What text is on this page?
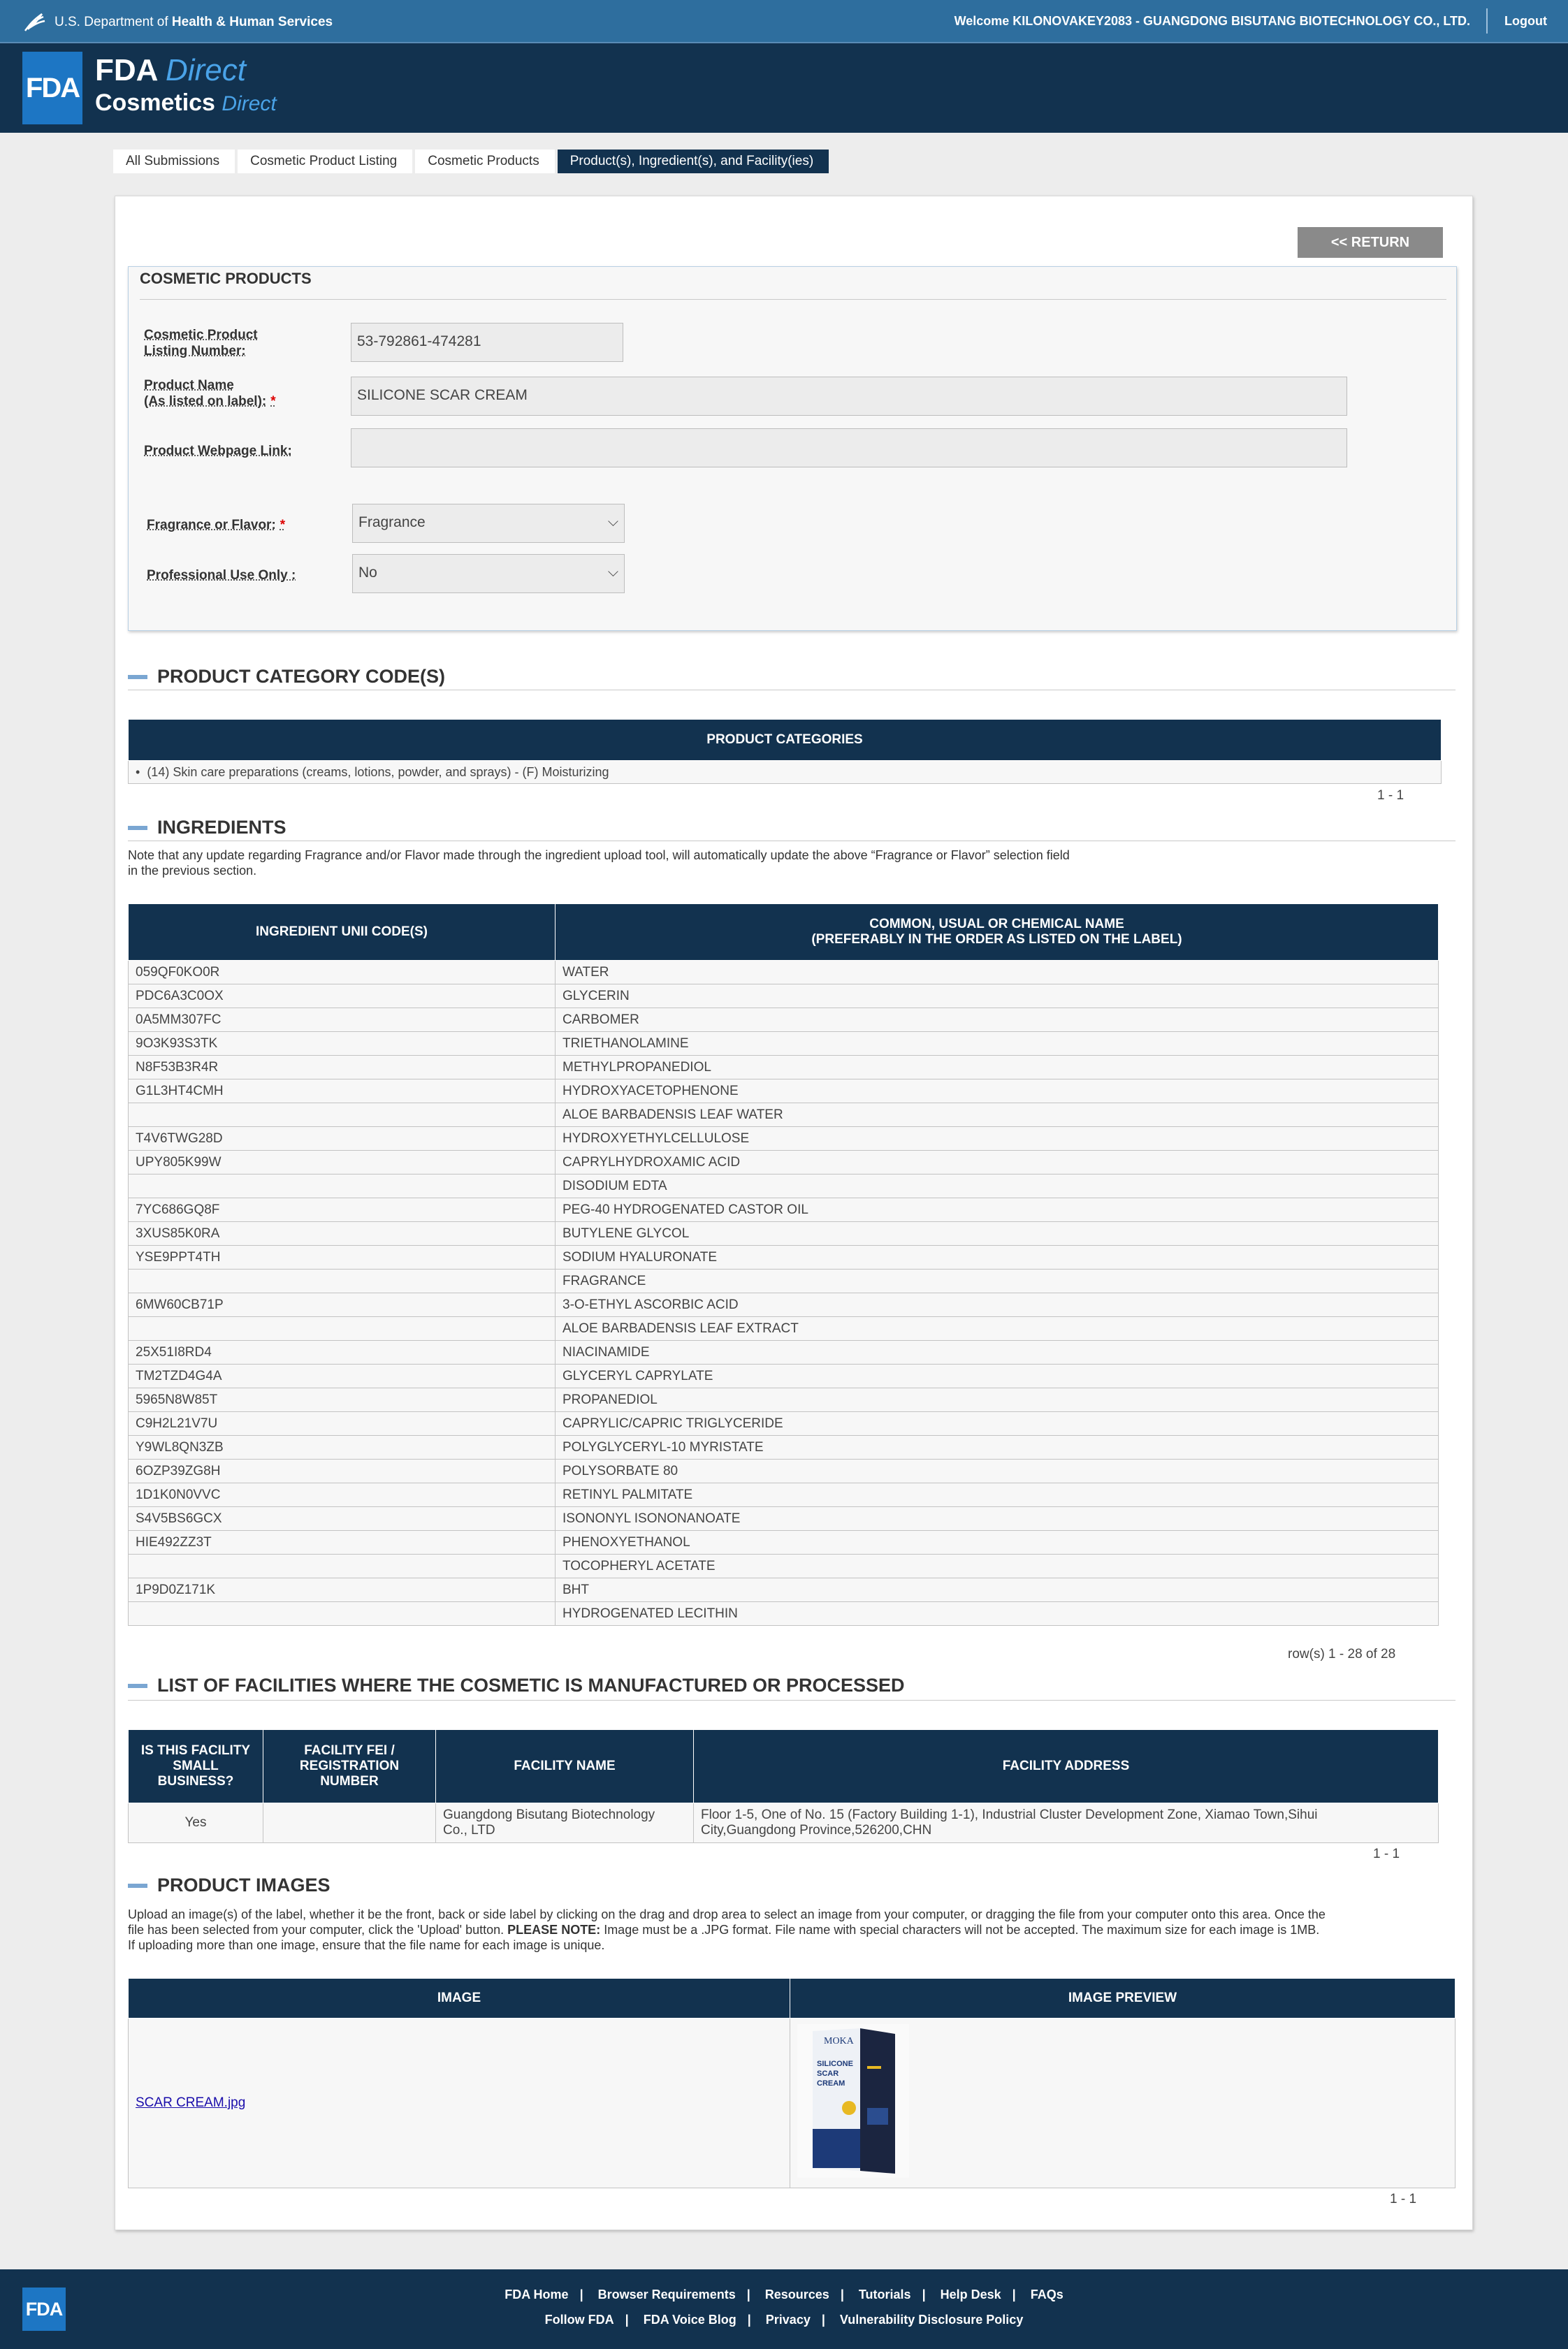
U.S. Department of Health & Human Services	Welcome KILONOVAKEY2083 - GUANGDONG BISUTANG BIOTECHNOLOGY CO., LTD.	Logout
FDA
FDA Direct
Cosmetics Direct
All Submissions	Cosmetic Product Listing	Cosmetic Products	Product(s), Ingredient(s), and Facility(ies)
<< RETURN
COSMETIC PRODUCTS
Cosmetic Product
Listing Number:
53-792861-474281
Product Name
(As listed on label): *	SILICONE SCAR CREAM
Product Webpage Link:
Fragrance or Flavor: *	Fragrance	⌵
Professional Use Only :	No	⌵
PRODUCT CATEGORY CODE(S)
PRODUCT CATEGORIES
•  (14) Skin care preparations (creams, lotions, powder, and sprays) - (F) Moisturizing
1 - 1
INGREDIENTS
Note that any update regarding Fragrance and/or Flavor made through the ingredient upload tool, will automatically update the above “Fragrance or Flavor” selection field
in the previous section.
INGREDIENT UNII CODE(S)	COMMON, USUAL OR CHEMICAL NAME
(PREFERABLY IN THE ORDER AS LISTED ON THE LABEL)
059QF0KO0R	WATER
PDC6A3C0OX	GLYCERIN
0A5MM307FC	CARBOMER
9O3K93S3TK	TRIETHANOLAMINE
N8F53B3R4R	METHYLPROPANEDIOL
G1L3HT4CMH	HYDROXYACETOPHENONE
	ALOE BARBADENSIS LEAF WATER
T4V6TWG28D	HYDROXYETHYLCELLULOSE
UPY805K99W	CAPRYLHYDROXAMIC ACID
	DISODIUM EDTA
7YC686GQ8F	PEG-40 HYDROGENATED CASTOR OIL
3XUS85K0RA	BUTYLENE GLYCOL
YSE9PPT4TH	SODIUM HYALURONATE
	FRAGRANCE
6MW60CB71P	3-O-ETHYL ASCORBIC ACID
	ALOE BARBADENSIS LEAF EXTRACT
25X51I8RD4	NIACINAMIDE
TM2TZD4G4A	GLYCERYL CAPRYLATE
5965N8W85T	PROPANEDIOL
C9H2L21V7U	CAPRYLIC/CAPRIC TRIGLYCERIDE
Y9WL8QN3ZB	POLYGLYCERYL-10 MYRISTATE
6OZP39ZG8H	POLYSORBATE 80
1D1K0N0VVC	RETINYL PALMITATE
S4V5BS6GCX	ISONONYL ISONONANOATE
HIE492ZZ3T	PHENOXYETHANOL
	TOCOPHERYL ACETATE
1P9D0Z171K	BHT
	HYDROGENATED LECITHIN
row(s) 1 - 28 of 28
LIST OF FACILITIES WHERE THE COSMETIC IS MANUFACTURED OR PROCESSED
IS THIS FACILITY
SMALL
BUSINESS?	FACILITY FEI /
REGISTRATION
NUMBER	FACILITY NAME	FACILITY ADDRESS
Yes		Guangdong Bisutang Biotechnology
Co., LTD	Floor 1-5, One of No. 15 (Factory Building 1-1), Industrial Cluster Development Zone, Xiamao Town,Sihui
City,Guangdong Province,526200,CHN
1 - 1
PRODUCT IMAGES
Upload an image(s) of the label, whether it be the front, back or side label by clicking on the drag and drop area to select an image from your computer, or dragging the file from your computer onto this area. Once the
file has been selected from your computer, click the 'Upload' button. PLEASE NOTE: Image must be a .JPG format. File name with special characters will not be accepted. The maximum size for each image is 1MB.
If uploading more than one image, ensure that the file name for each image is unique.
IMAGE	IMAGE PREVIEW
SCAR CREAM.jpg	MOKA
SILICONE
SCAR
CREAM
1 - 1
FDA
FDA Home | Browser Requirements | Resources | Tutorials | Help Desk | FAQs
Follow FDA | FDA Voice Blog | Privacy | Vulnerability Disclosure Policy
